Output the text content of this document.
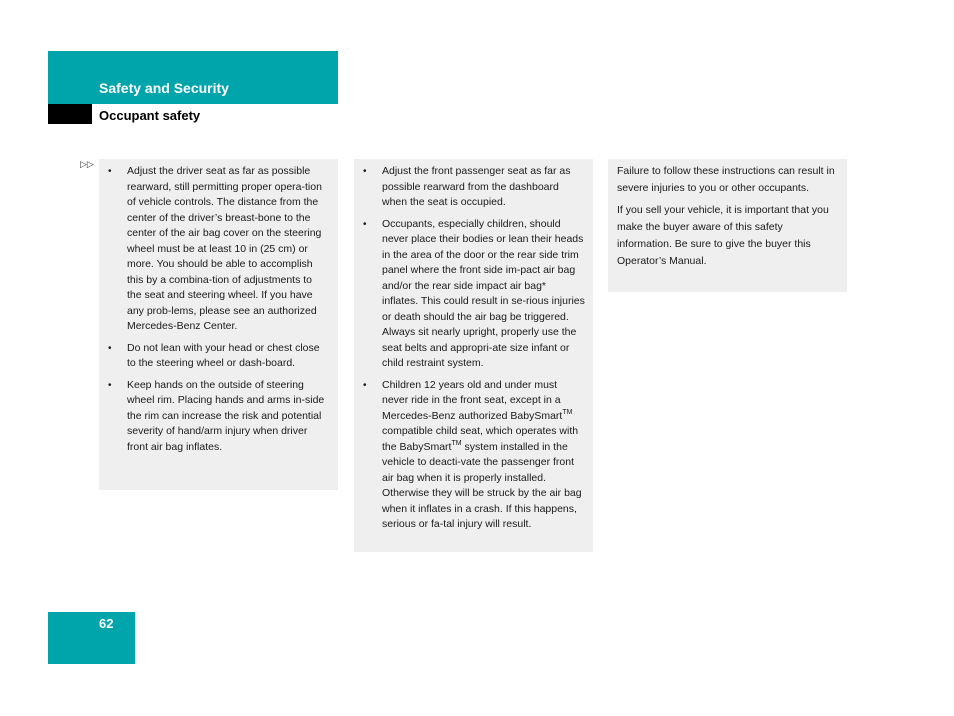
Safety and Security
Occupant safety
▷▷
•	Adjust the driver seat as far as possible rearward, still permitting proper opera-tion of vehicle controls. The distance from the center of the driver’s breast-bone to the center of the air bag cover on the steering wheel must be at least 10 in (25 cm) or more. You should be able to accomplish this by a combina-tion of adjustments to the seat and steering wheel. If you have any prob-lems, please see an authorized Mercedes-Benz Center.
•	Do not lean with your head or chest close to the steering wheel or dash-board.
•	Keep hands on the outside of steering wheel rim. Placing hands and arms in-side the rim can increase the risk and potential severity of hand/arm injury when driver front air bag inflates.
•	Adjust the front passenger seat as far as possible rearward from the dashboard when the seat is occupied.
•	Occupants, especially children, should never place their bodies or lean their heads in the area of the door or the rear side trim panel where the front side im-pact air bag and/or the rear side impact air bag* inflates. This could result in se-rious injuries or death should the air bag be triggered. Always sit nearly upright, properly use the seat belts and appropri-ate size infant or child restraint system.
•	Children 12 years old and under must never ride in the front seat, except in a Mercedes-Benz authorized BabySmart™ compatible child seat, which operates with the BabySmart™ system installed in the vehicle to deacti-vate the passenger front air bag when it is properly installed. Otherwise they will be struck by the air bag when it inflates in a crash. If this happens, serious or fa-tal injury will result.

Failure to follow these instructions can result in severe injuries to you or other occupants.

If you sell your vehicle, it is important that you make the buyer aware of this safety information. Be sure to give the buyer this Operator’s Manual.

62
